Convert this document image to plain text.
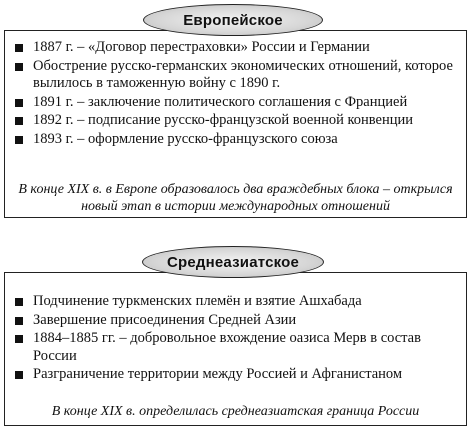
1887 г. – «Договор перестраховки» России и Германии
Обострение русско-германских экономических отношений, которое вылилось в таможенную войну с 1890 г.
1891 г. – заключение политического соглашения с Францией
1892 г. – подписание русско-французской военной конвенции
1893 г. – оформление русско-французского союза
В конце XIX в. в Европе образовалось два враждебных блока – открылся новый этап в истории международных отношений
Европейское
Подчинение туркменских племён и взятие Ашхабада
Завершение присоединения Средней Азии
1884–1885 гг. – добровольное вхождение оазиса Мерв в состав России
Разграничение территории между Россией и Афганистаном
В конце XIX в. определилась среднеазиатская граница России
Среднеазиатское
